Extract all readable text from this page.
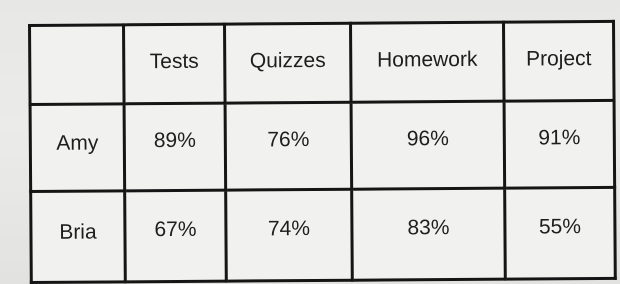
	Tests	Quizzes	Homework	Project
Amy	89%	76%	96%	91%
Bria	67%	74%	83%	55%
